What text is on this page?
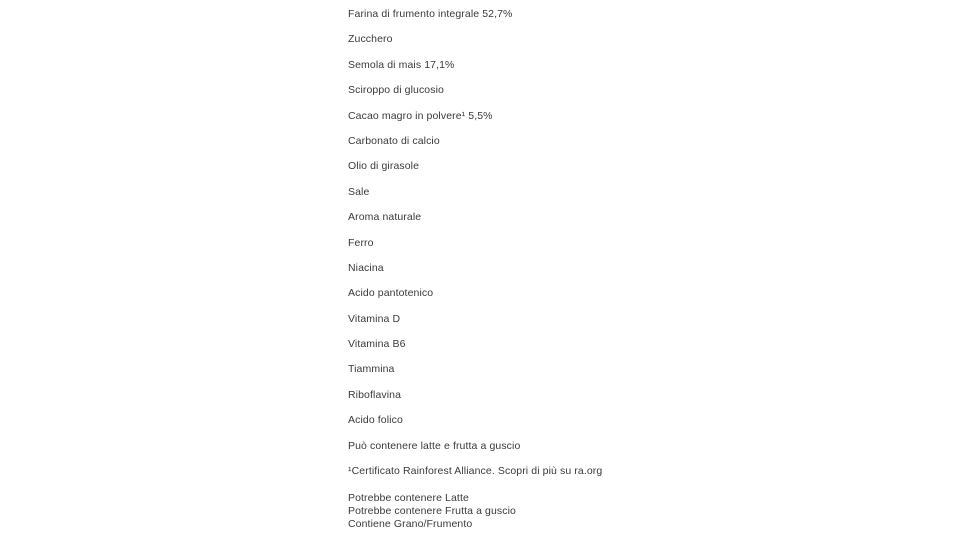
Farina di frumento integrale 52,7%
Zucchero
Semola di mais 17,1%
Sciroppo di glucosio
Cacao magro in polvere¹ 5,5%
Carbonato di calcio
Olio di girasole
Sale
Aroma naturale
Ferro
Niacina
Acido pantotenico
Vitamina D
Vitamina B6
Tiammina
Riboflavina
Acido folico
Può contenere latte e frutta a guscio
¹Certificato Rainforest Alliance. Scopri di più su ra.org
Potrebbe contenere Latte
Potrebbe contenere Frutta a guscio
Contiene Grano/Frumento
